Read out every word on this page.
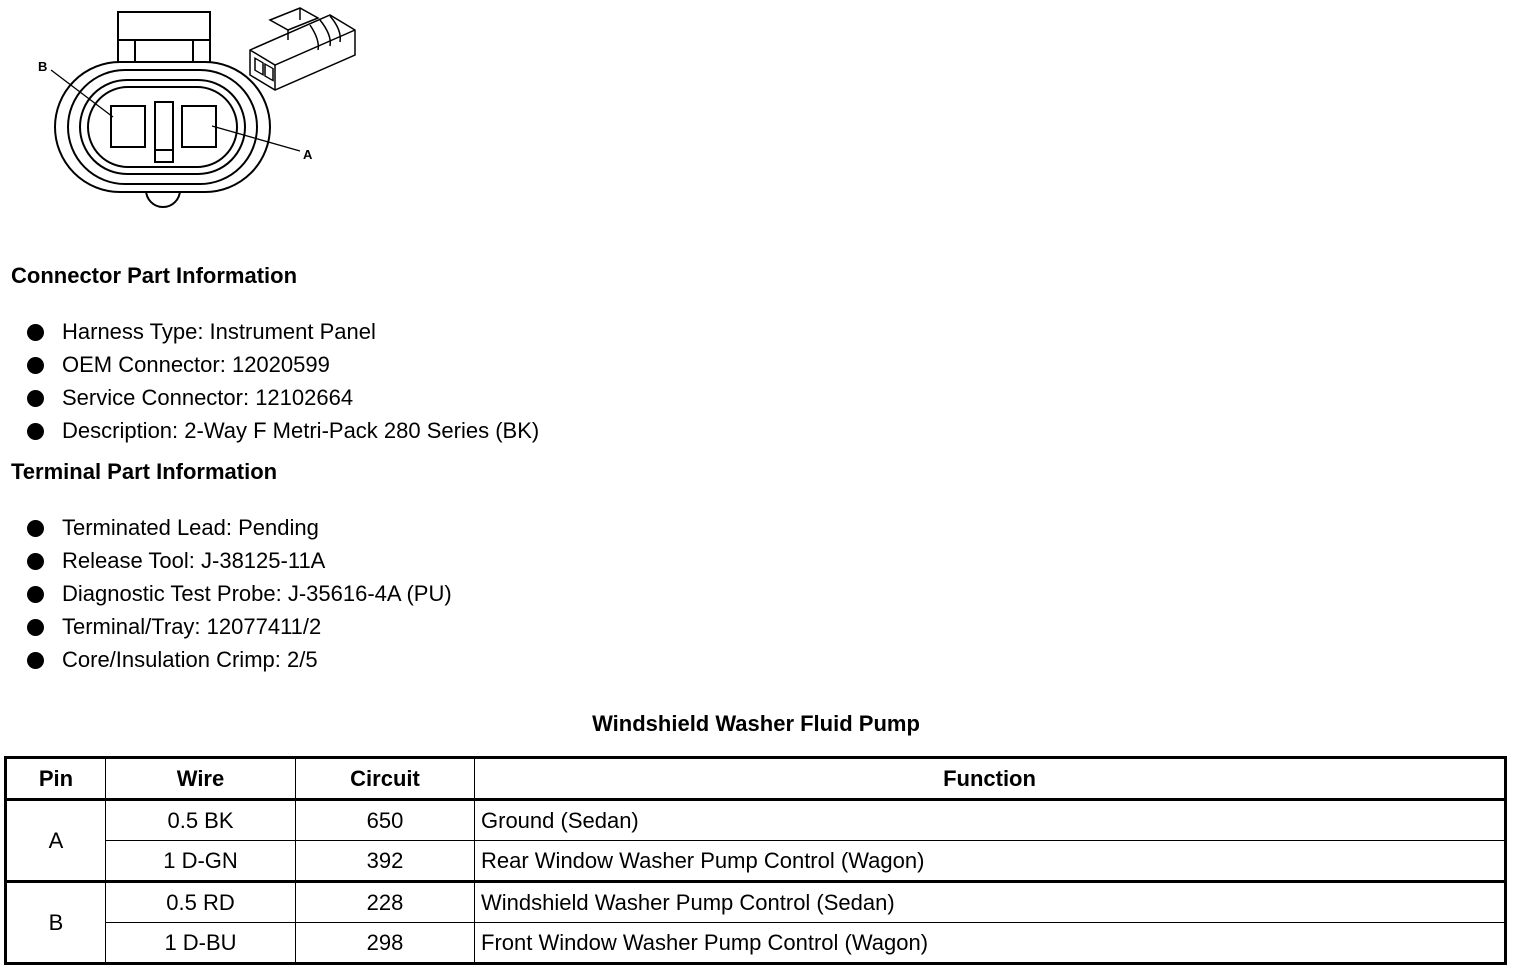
B
A
Connector Part Information
Harness Type: Instrument Panel
OEM Connector: 12020599
Service Connector: 12102664
Description: 2-Way F Metri-Pack 280 Series (BK)
Terminal Part Information
Terminated Lead: Pending
Release Tool: J-38125-11A
Diagnostic Test Probe: J-35616-4A (PU)
Terminal/Tray: 12077411/2
Core/Insulation Crimp: 2/5
Windshield Washer Fluid Pump
Pin	Wire	Circuit	Function
A	0.5 BK	650	Ground (Sedan)
	1 D-GN	392	Rear Window Washer Pump Control (Wagon)
B	0.5 RD	228	Windshield Washer Pump Control (Sedan)
	1 D-BU	298	Front Window Washer Pump Control (Wagon)
